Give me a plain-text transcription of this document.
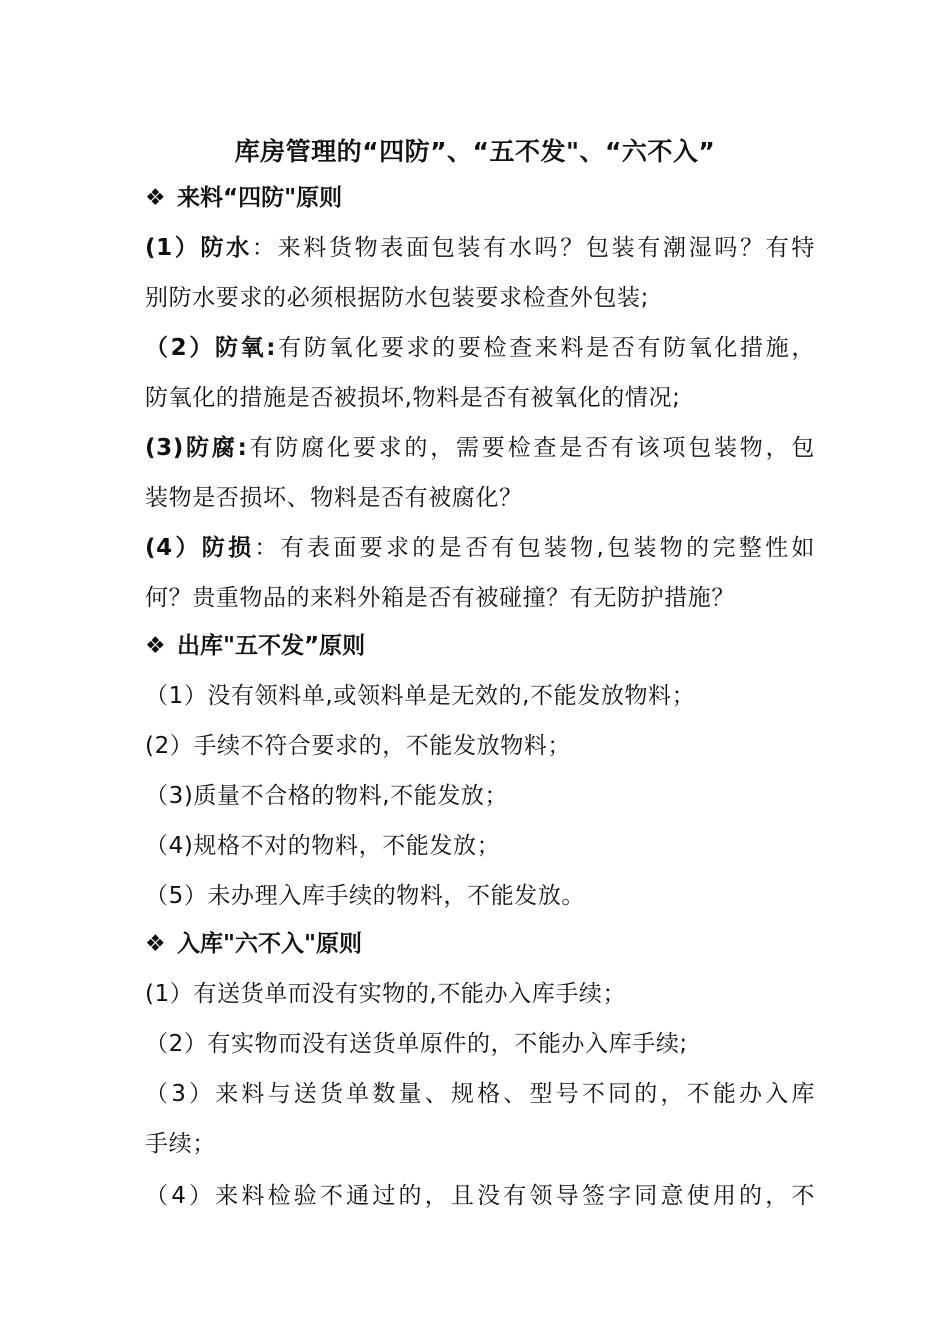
库房管理的“四防”、“五不发"、“六不入”
❖ 来料“四防"原则
(1）防水：来料货物表面包装有水吗？包装有潮湿吗？有特
别防水要求的必须根据防水包装要求检查外包装;
（2）防氧:有防氧化要求的要检查来料是否有防氧化措施，
防氧化的措施是否被损坏,物料是否有被氧化的情况;
(3)防腐:有防腐化要求的，需要检查是否有该项包装物，包
装物是否损坏、物料是否有被腐化？
(4）防损：有表面要求的是否有包装物,包装物的完整性如
何？贵重物品的来料外箱是否有被碰撞？有无防护措施？
❖ 出库"五不发”原则
（1）没有领料单,或领料单是无效的,不能发放物料；
(2）手续不符合要求的，不能发放物料；
（3)质量不合格的物料,不能发放；
（4)规格不对的物料，不能发放；
（5）未办理入库手续的物料，不能发放。
❖ 入库"六不入"原则
(1）有送货单而没有实物的,不能办入库手续；
（2）有实物而没有送货单原件的，不能办入库手续;
（3）来料与送货单数量、规格、型号不同的，不能办入库
手续；
（4）来料检验不通过的，且没有领导签字同意使用的，不
